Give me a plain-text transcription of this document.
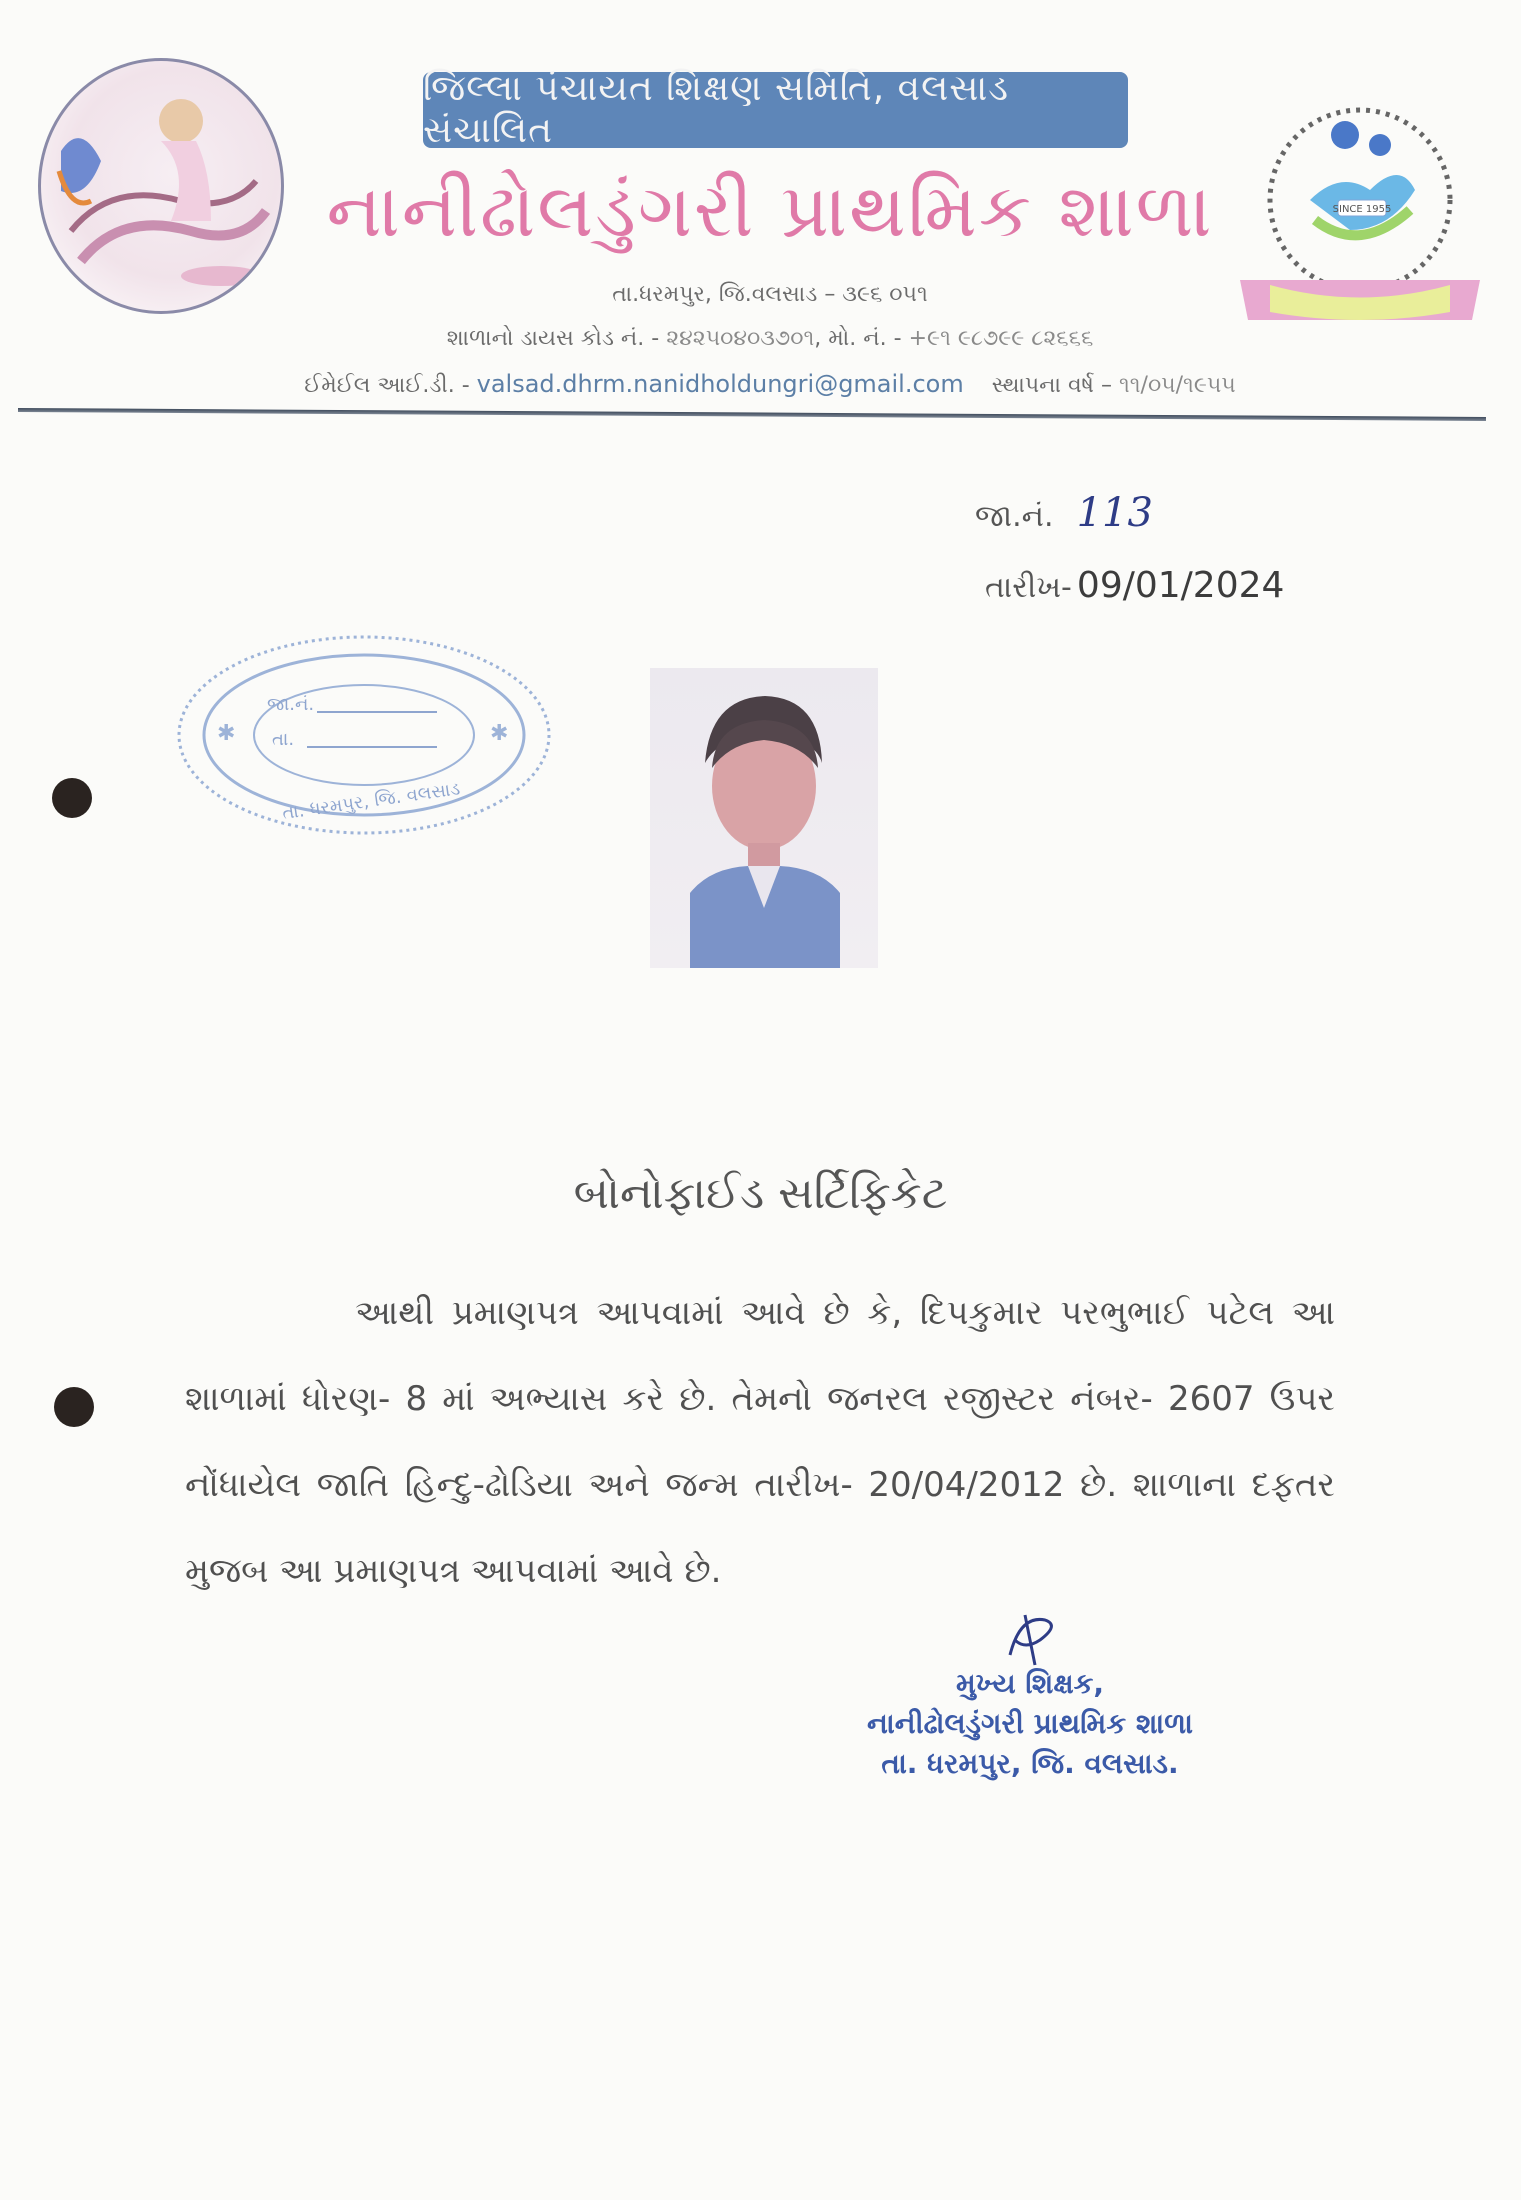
જિલ્લા પંચાયત શિક્ષણ સમિતિ, વલસાડ સંચાલિત
નાનીઢોલડુંગરી પ્રાથમિક શાળા
તા.ધરમપુર, જિ.વલસાડ – ૩૯૬ ૦૫૧
શાળાનો ડાયસ કોડ નં. - ૨૪૨૫૦૪૦૩૭૦૧, મો. નં. - +૯૧ ૯૮૭૯૯ ૮૨૬૬૬
ઈમેઈલ આઈ.ડી. - valsad.dhrm.nanidholdungri@gmail.com સ્થાપના વર્ષ – ૧૧/૦૫/૧૯૫૫
SINCE 1955
જા.નં. 113
તારીખ- 09/01/2024
જા.નં.
તા.
તા. ધરમપુર, જિ. વલસાડ
✱	✱
બોનોફાઈડ સર્ટિફિકેટ
આથી પ્રમાણપત્ર આપવામાં આવે છે કે, દિપકુમાર પરભુભાઈ પટેલ આ શાળામાં ધોરણ- 8 માં અભ્યાસ કરે છે. તેમનો જનરલ રજીસ્ટર નંબર- 2607 ઉપર નોંધાયેલ જાતિ હિન્દુ-ઢોડિયા અને જન્મ તારીખ- 20/04/2012 છે. શાળાના દફતર મુજબ આ પ્રમાણપત્ર આપવામાં આવે છે.
મુખ્ય શિક્ષક,
નાનીઢોલડુંગરી પ્રાથમિક શાળા
તા. ધરમપુર, જિ. વલસાડ.
